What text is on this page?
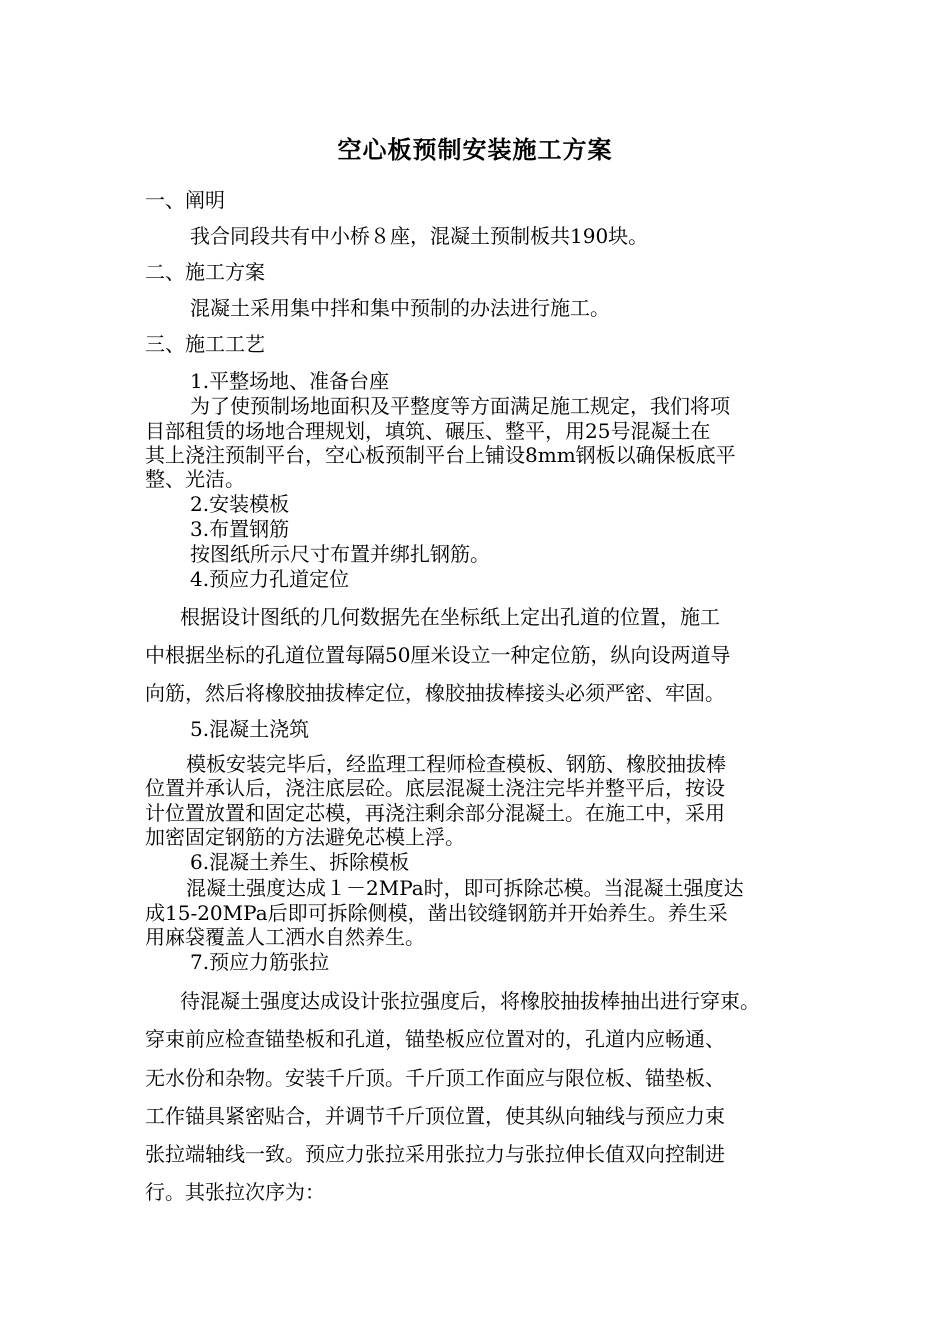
空心板预制安装施工方案
一、阐明
我合同段共有中小桥８座，混凝土预制板共190块。
二、施工方案
混凝土采用集中拌和集中预制的办法进行施工。
三、施工工艺
1.平整场地、准备台座
为了使预制场地面积及平整度等方面满足施工规定，我们将项
目部租赁的场地合理规划，填筑、碾压、整平，用25号混凝土在
其上浇注预制平台，空心板预制平台上铺设8mm钢板以确保板底平
整、光洁。
2.安装模板
3.布置钢筋
按图纸所示尺寸布置并绑扎钢筋。
4.预应力孔道定位
根据设计图纸的几何数据先在坐标纸上定出孔道的位置，施工
中根据坐标的孔道位置每隔50厘米设立一种定位筋，纵向设两道导
向筋，然后将橡胶抽拔棒定位，橡胶抽拔棒接头必须严密、牢固。
5.混凝土浇筑
模板安装完毕后，经监理工程师检查模板、钢筋、橡胶抽拔棒
位置并承认后，浇注底层砼。底层混凝土浇注完毕并整平后，按设
计位置放置和固定芯模，再浇注剩余部分混凝土。在施工中，采用
加密固定钢筋的方法避免芯模上浮。
6.混凝土养生、拆除模板
混凝土强度达成１－2MPa时，即可拆除芯模。当混凝土强度达
成15-20MPa后即可拆除侧模，凿出铰缝钢筋并开始养生。养生采
用麻袋覆盖人工洒水自然养生。
7.预应力筋张拉
待混凝土强度达成设计张拉强度后，将橡胶抽拔棒抽出进行穿束。
穿束前应检查锚垫板和孔道，锚垫板应位置对的，孔道内应畅通、
无水份和杂物。安装千斤顶。千斤顶工作面应与限位板、锚垫板、
工作锚具紧密贴合，并调节千斤顶位置，使其纵向轴线与预应力束
张拉端轴线一致。预应力张拉采用张拉力与张拉伸长值双向控制进
行。其张拉次序为：
